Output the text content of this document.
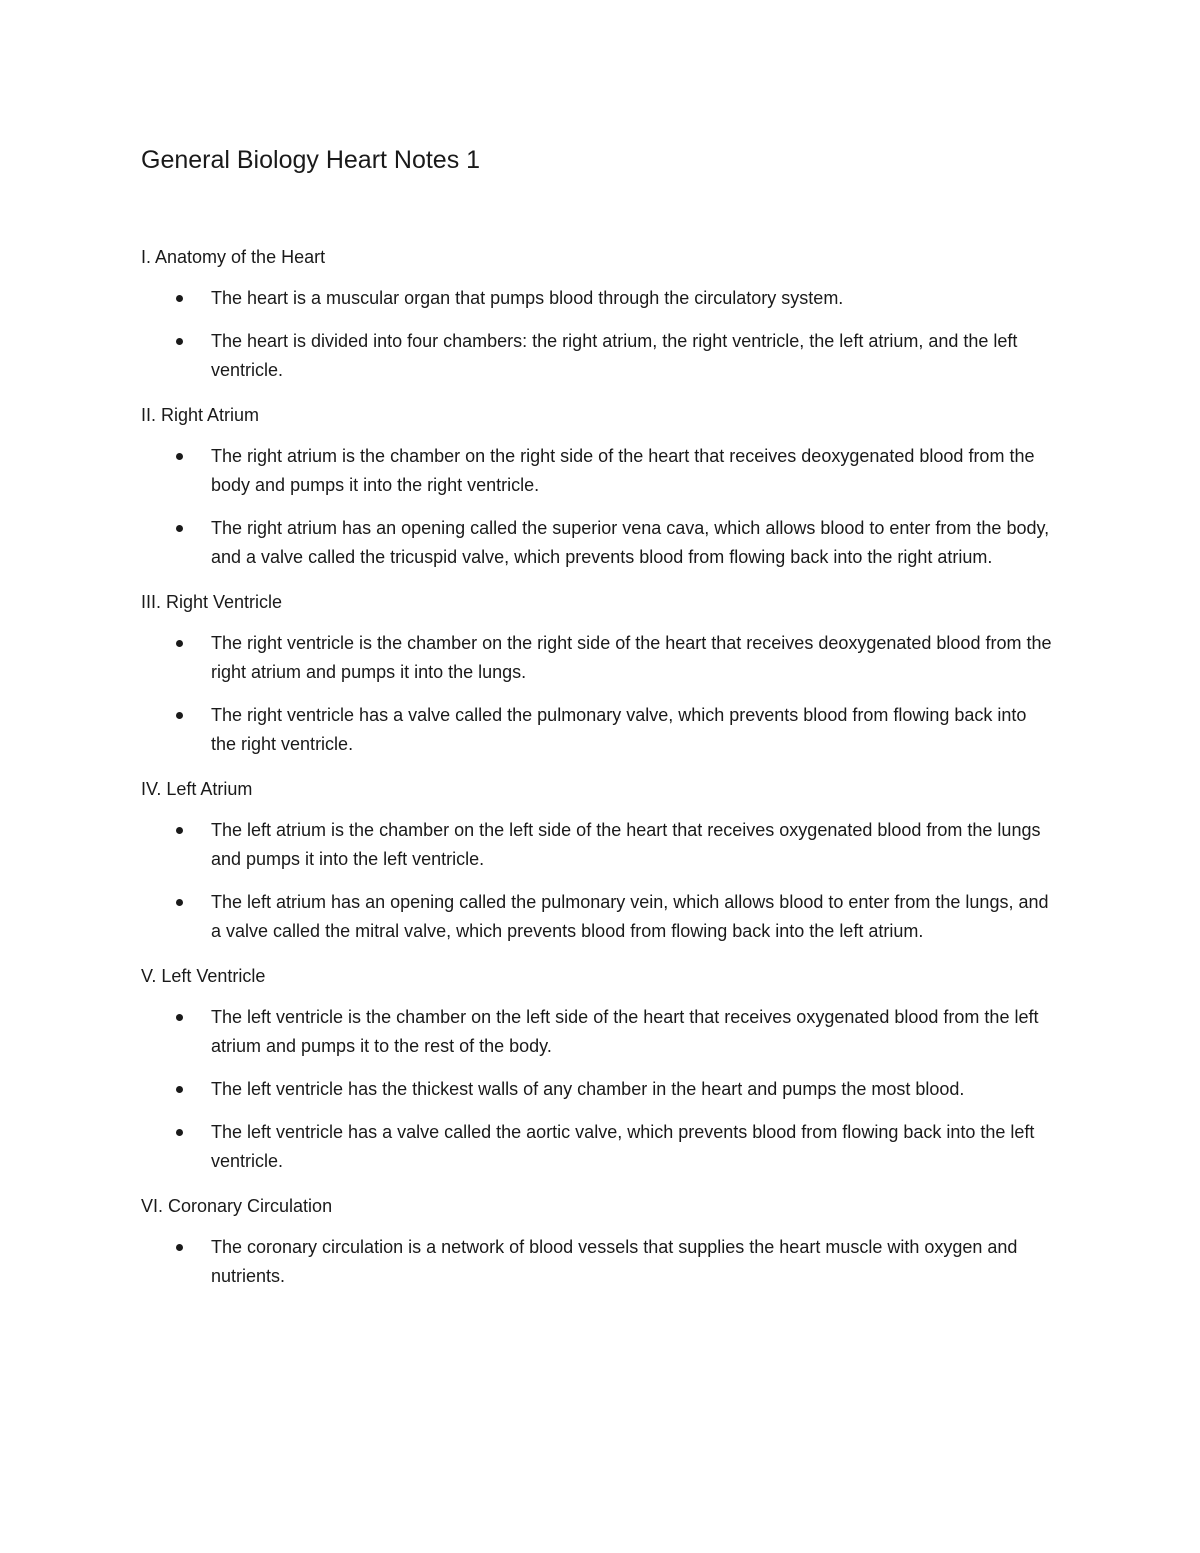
General Biology Heart Notes 1
I. Anatomy of the Heart
The heart is a muscular organ that pumps blood through the circulatory system.
The heart is divided into four chambers: the right atrium, the right ventricle, the left atrium, and the left ventricle.
II. Right Atrium
The right atrium is the chamber on the right side of the heart that receives deoxygenated blood from the body and pumps it into the right ventricle.
The right atrium has an opening called the superior vena cava, which allows blood to enter from the body, and a valve called the tricuspid valve, which prevents blood from flowing back into the right atrium.
III. Right Ventricle
The right ventricle is the chamber on the right side of the heart that receives deoxygenated blood from the right atrium and pumps it into the lungs.
The right ventricle has a valve called the pulmonary valve, which prevents blood from flowing back into the right ventricle.
IV. Left Atrium
The left atrium is the chamber on the left side of the heart that receives oxygenated blood from the lungs and pumps it into the left ventricle.
The left atrium has an opening called the pulmonary vein, which allows blood to enter from the lungs, and a valve called the mitral valve, which prevents blood from flowing back into the left atrium.
V. Left Ventricle
The left ventricle is the chamber on the left side of the heart that receives oxygenated blood from the left atrium and pumps it to the rest of the body.
The left ventricle has the thickest walls of any chamber in the heart and pumps the most blood.
The left ventricle has a valve called the aortic valve, which prevents blood from flowing back into the left ventricle.
VI. Coronary Circulation
The coronary circulation is a network of blood vessels that supplies the heart muscle with oxygen and nutrients.
